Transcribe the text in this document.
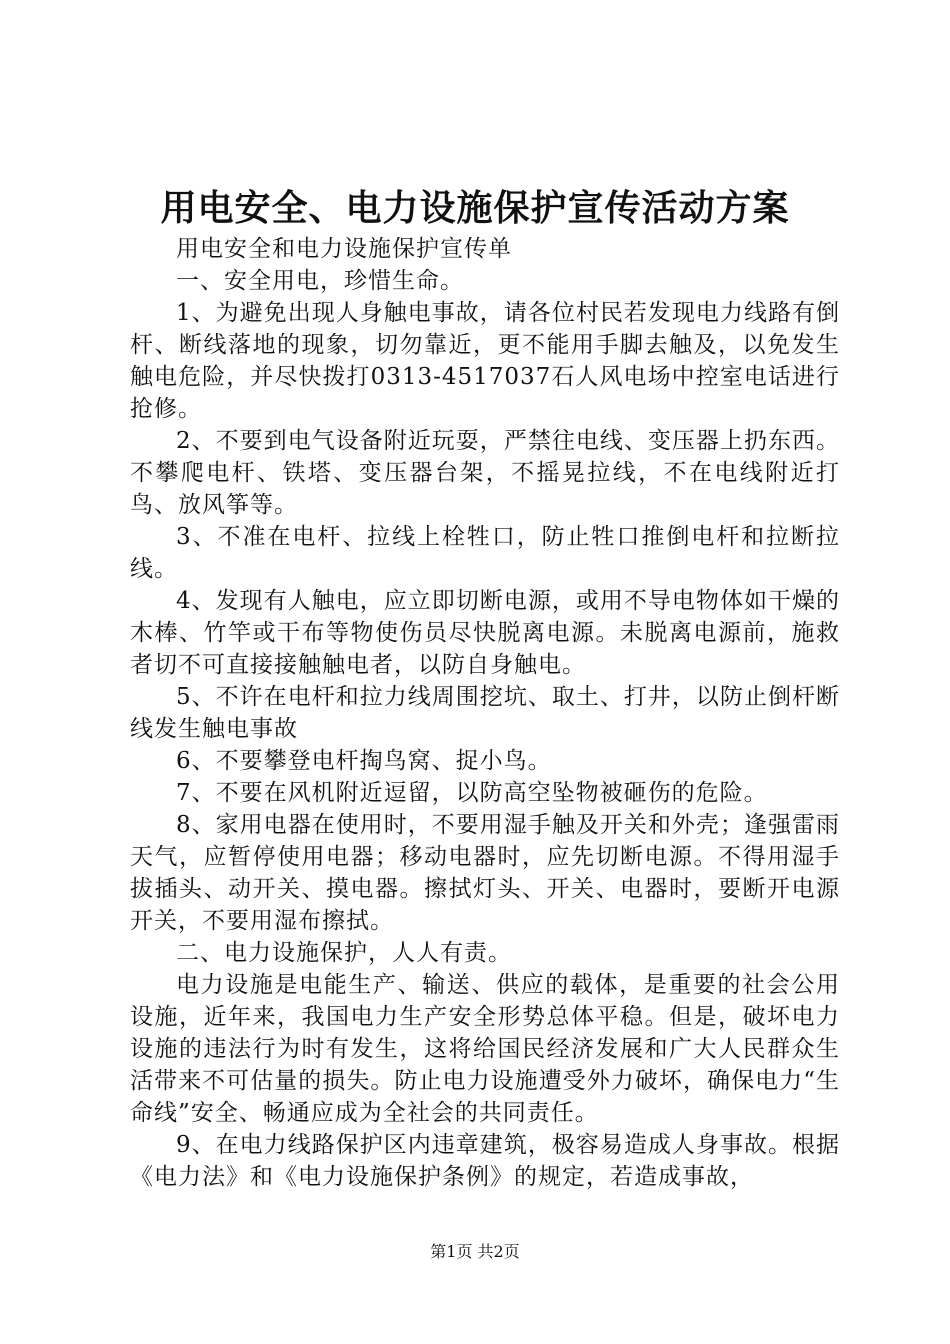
用电安全、电力设施保护宣传活动方案

用电安全和电力设施保护宣传单

一、安全用电，珍惜生命。

1、为避免出现人身触电事故，请各位村民若发现电力线路有倒杆、断线落地的现象，切勿靠近，更不能用手脚去触及，以免发生触电危险，并尽快拨打0313-4517037石人风电场中控室电话进行抢修。

2、不要到电气设备附近玩耍，严禁往电线、变压器上扔东西。不攀爬电杆、铁塔、变压器台架，不摇晃拉线，不在电线附近打鸟、放风筝等。

3、不准在电杆、拉线上栓牲口，防止牲口推倒电杆和拉断拉线。

4、发现有人触电，应立即切断电源，或用不导电物体如干燥的木棒、竹竿或干布等物使伤员尽快脱离电源。未脱离电源前，施救者切不可直接接触触电者，以防自身触电。

5、不许在电杆和拉力线周围挖坑、取土、打井，以防止倒杆断线发生触电事故

6、不要攀登电杆掏鸟窝、捉小鸟。

7、不要在风机附近逗留，以防高空坠物被砸伤的危险。

8、家用电器在使用时，不要用湿手触及开关和外壳；逢强雷雨天气，应暂停使用电器；移动电器时，应先切断电源。不得用湿手拔插头、动开关、摸电器。擦拭灯头、开关、电器时，要断开电源开关，不要用湿布擦拭。

二、电力设施保护，人人有责。

电力设施是电能生产、输送、供应的载体，是重要的社会公用设施，近年来，我国电力生产安全形势总体平稳。但是，破坏电力设施的违法行为时有发生，这将给国民经济发展和广大人民群众生活带来不可估量的损失。防止电力设施遭受外力破坏，确保电力“生命线”安全、畅通应成为全社会的共同责任。

9、在电力线路保护区内违章建筑，极容易造成人身事故。根据《电力法》和《电力设施保护条例》的规定，若造成事故，

第1页 共2页
